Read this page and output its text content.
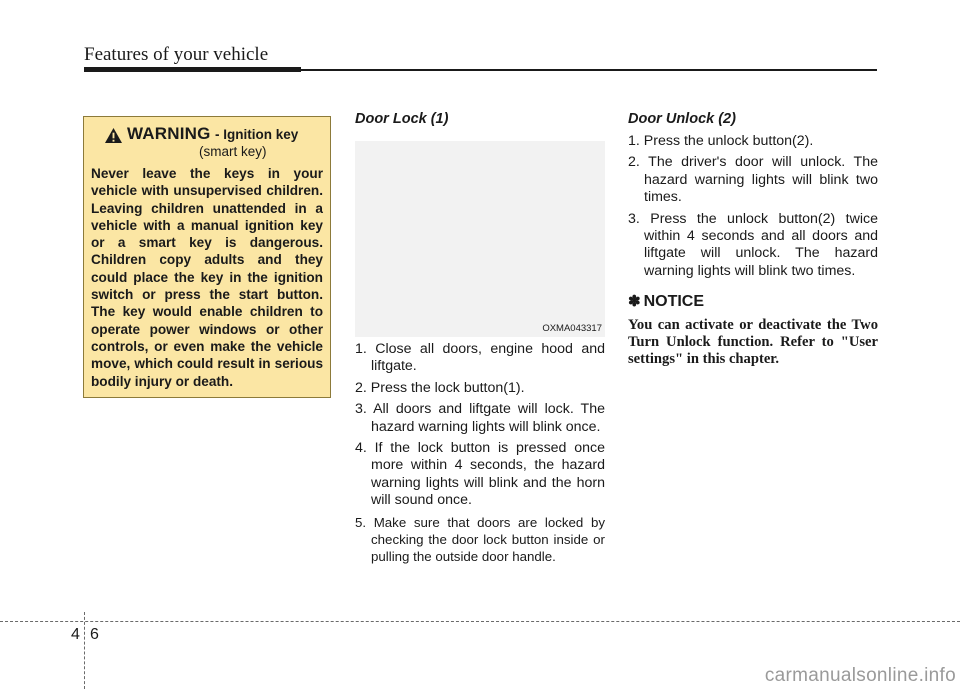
Features of your vehicle
WARNING - Ignition key
(smart key)
Never leave the keys in your vehicle with unsupervised children. Leaving children unattended in a vehicle with a manual ignition key or a smart key is dangerous. Children copy adults and they could place the key in the ignition switch or press the start button. The key would enable children to operate power windows or other controls, or even make the vehicle move, which could result in serious bodily injury or death.
Door Lock (1)
OXMA043317
1. Close all doors, engine hood and liftgate.
2. Press the lock button(1).
3. All doors and liftgate will lock. The hazard warning lights will blink once.
4. If the lock button is pressed once more within 4 seconds, the hazard warning lights will blink and the horn will sound once.
5. Make sure that doors are locked by checking the door lock button inside or pulling the outside door handle.
Door Unlock (2)
1. Press the unlock button(2).
2. The driver's door will unlock. The hazard warning lights will blink two times.
3. Press the unlock button(2) twice within 4 seconds and all doors and liftgate will unlock. The hazard warning lights will blink two times.
✽ NOTICE
You can activate or deactivate the Two Turn Unlock function. Refer to "User settings" in this chapter.
4 6
carmanualsonline.info
